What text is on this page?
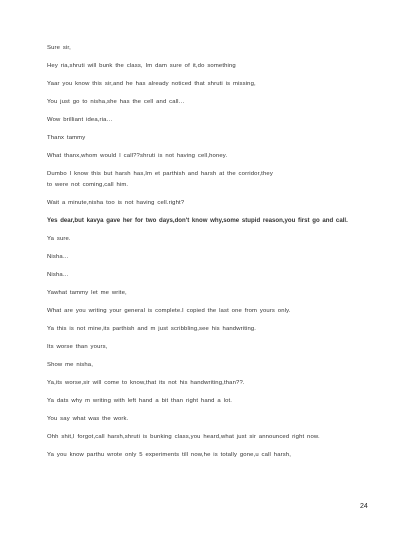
Sure sir,

Hey ria,shruti will bunk the class, Im dam sure of it,do something

Yaar you know this sir,and he has already noticed that shruti is missing,

You just go to nisha,she has the cell and call…

Wow brilliant idea,ria…

Thanx tammy

What thanx,whom would I call??shruti is not having cell,honey.

Dumbo I know this but harsh has,Im et parthish and harsh at the corridor,they

to were not coming,call him.

Wait a minute,nisha too is not having cell.right?

Yes dear,but kavya gave her for two days,don't know why,some stupid reason,you first go and call.

Ya sure.

Nisha…

Nisha…

Yawhat tammy let me write,

What are you writing your general is complete.I copied the last one from yours only.

Ya this is not mine,its parthish and m just scribbling,see his handwriting.

Its worse than yours,

Show me nisha,

Ya,its worse,sir will come to know,that its not his handwriting,than??.

Ya dats why m writing with left hand a bit than right hand a lot.

You say what was the work.

Ohh shit,I forgot,call harsh,shruti is bunking class,you heard,what just sir announced right now.

Ya you know parthu wrote only 5 experiments till now,he is totally gone,u call harsh,

24
